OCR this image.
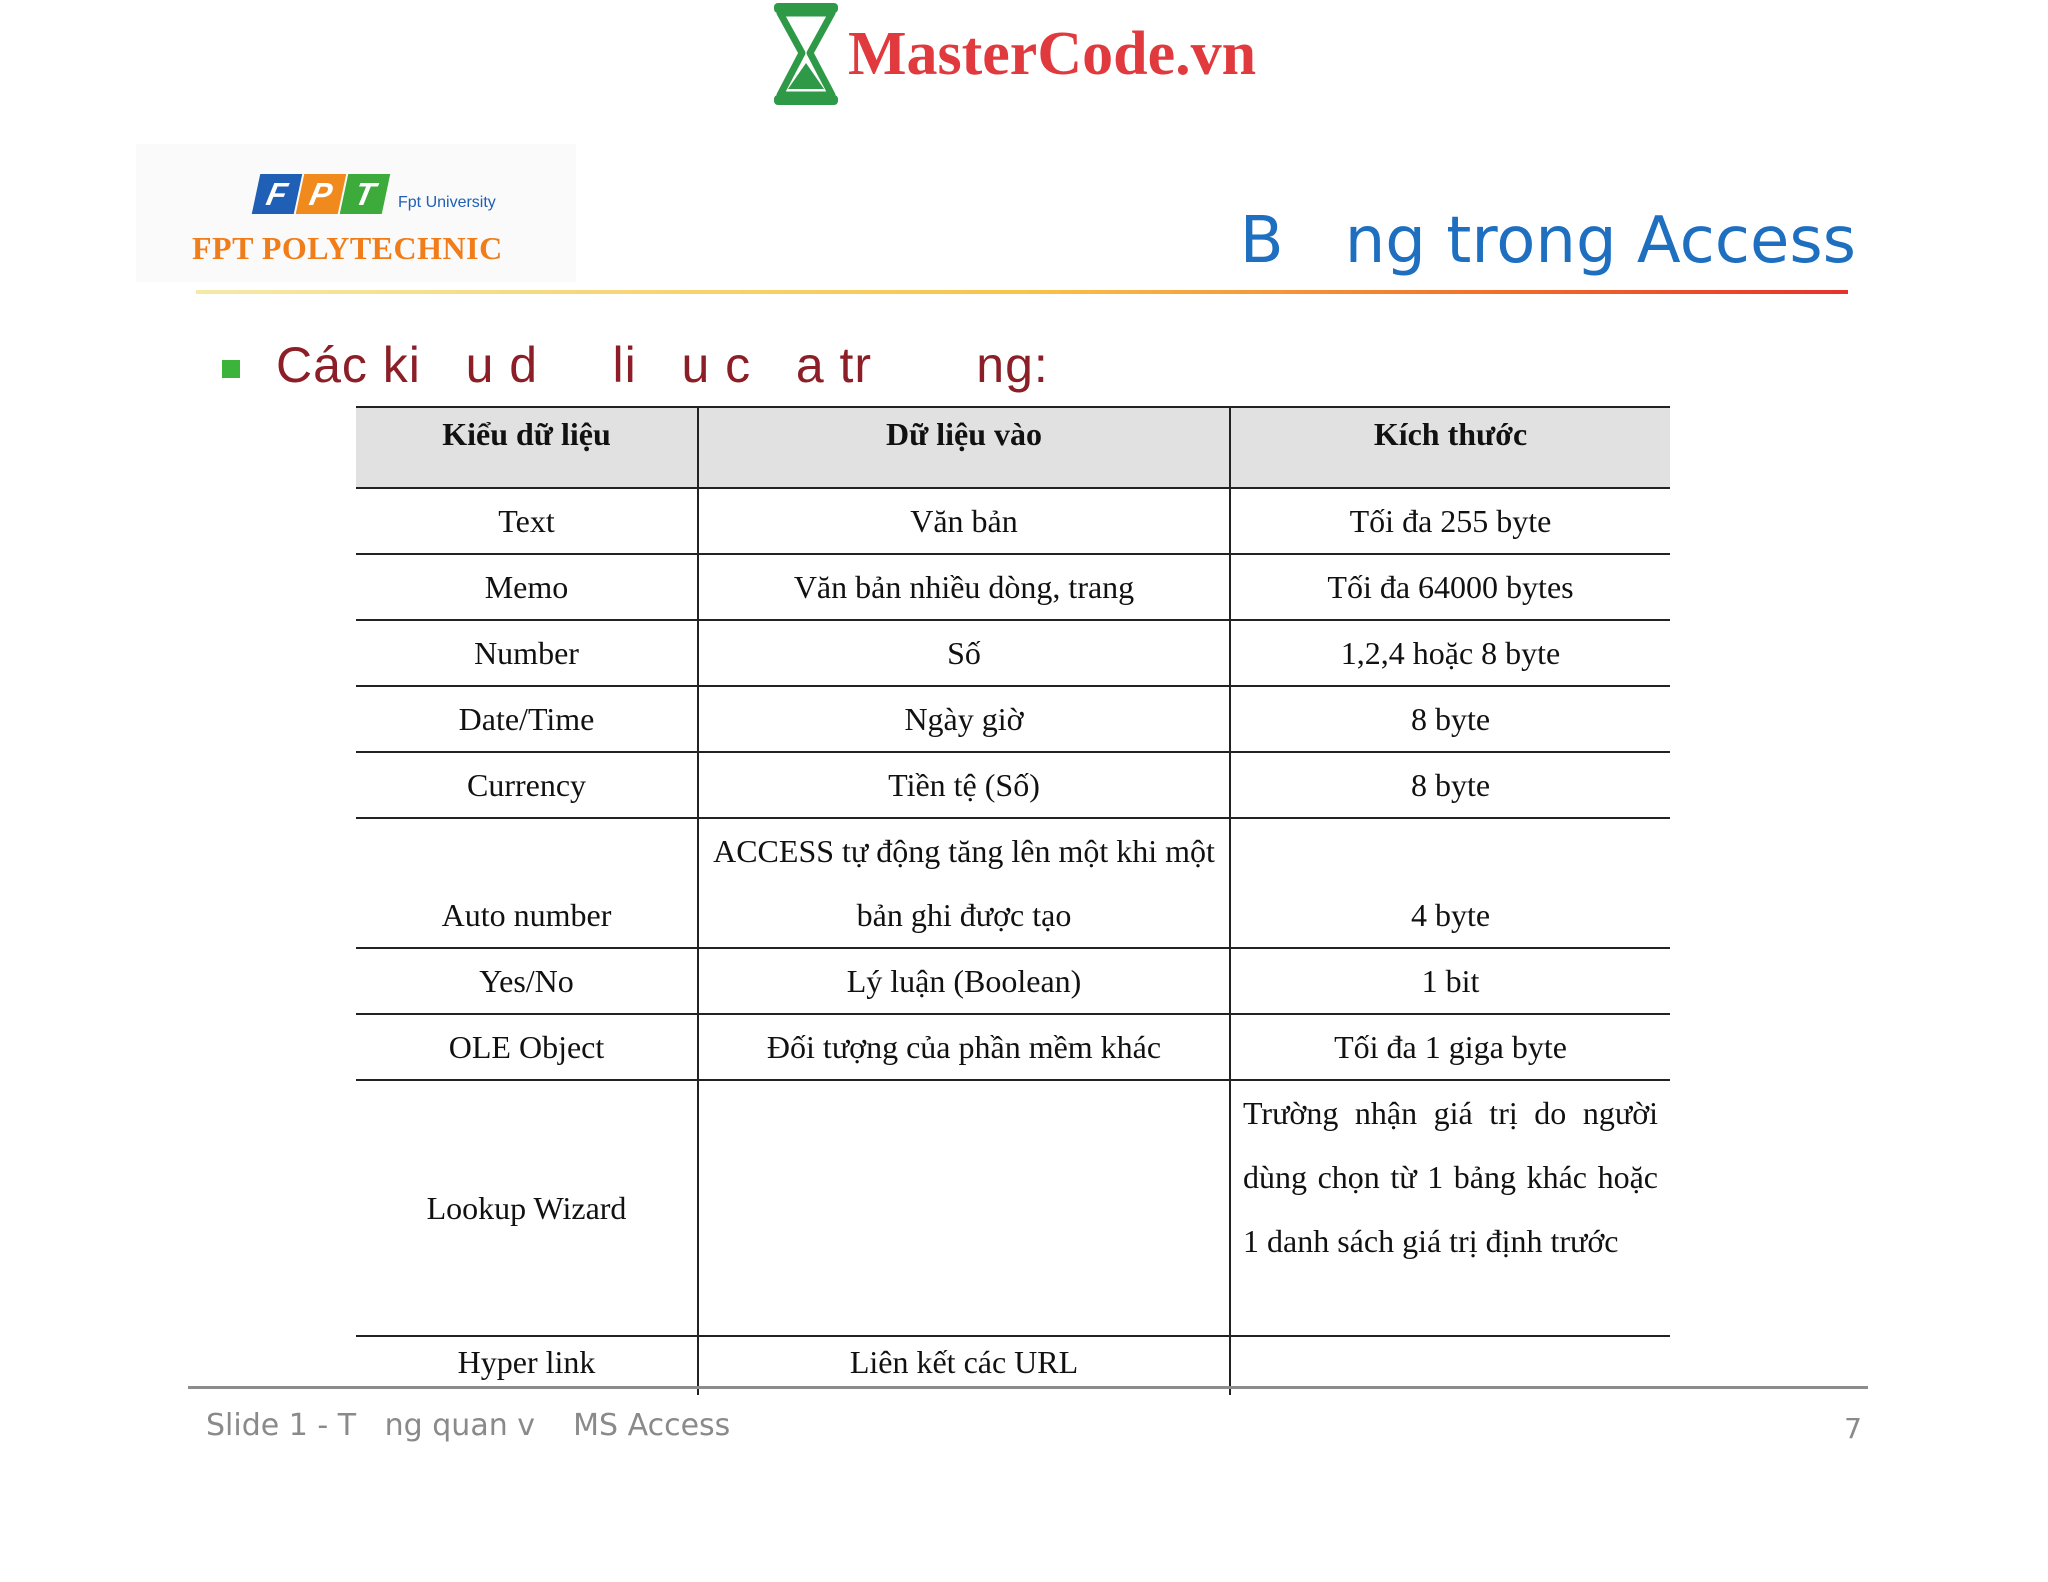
MasterCode.vn
F P T	Fpt University
FPT POLYTECHNIC	B   ng trong Access
Các ki   u d     li   u c   a tr       ng:
Kiểu dữ liệu	Dữ liệu vào	Kích thước
Text	Văn bản	Tối đa 255 byte
Memo	Văn bản nhiều dòng, trang	Tối đa 64000 bytes
Number	Số	1,2,4 hoặc 8 byte
Date/Time	Ngày giờ	8 byte
Currency	Tiền tệ (Số)	8 byte
Auto number	ACCESS tự động tăng lên một khi một bản ghi được tạo	4 byte
Yes/No	Lý luận (Boolean)	1 bit
OLE Object	Đối tượng của phần mềm khác	Tối đa 1 giga byte
Lookup Wizard		Trường nhận giá trị do người dùng chọn từ 1 bảng khác hoặc 1 danh sách giá trị định trước
Hyper link	Liên kết các URL	
Slide 1 - T   ng quan v    MS Access	7
